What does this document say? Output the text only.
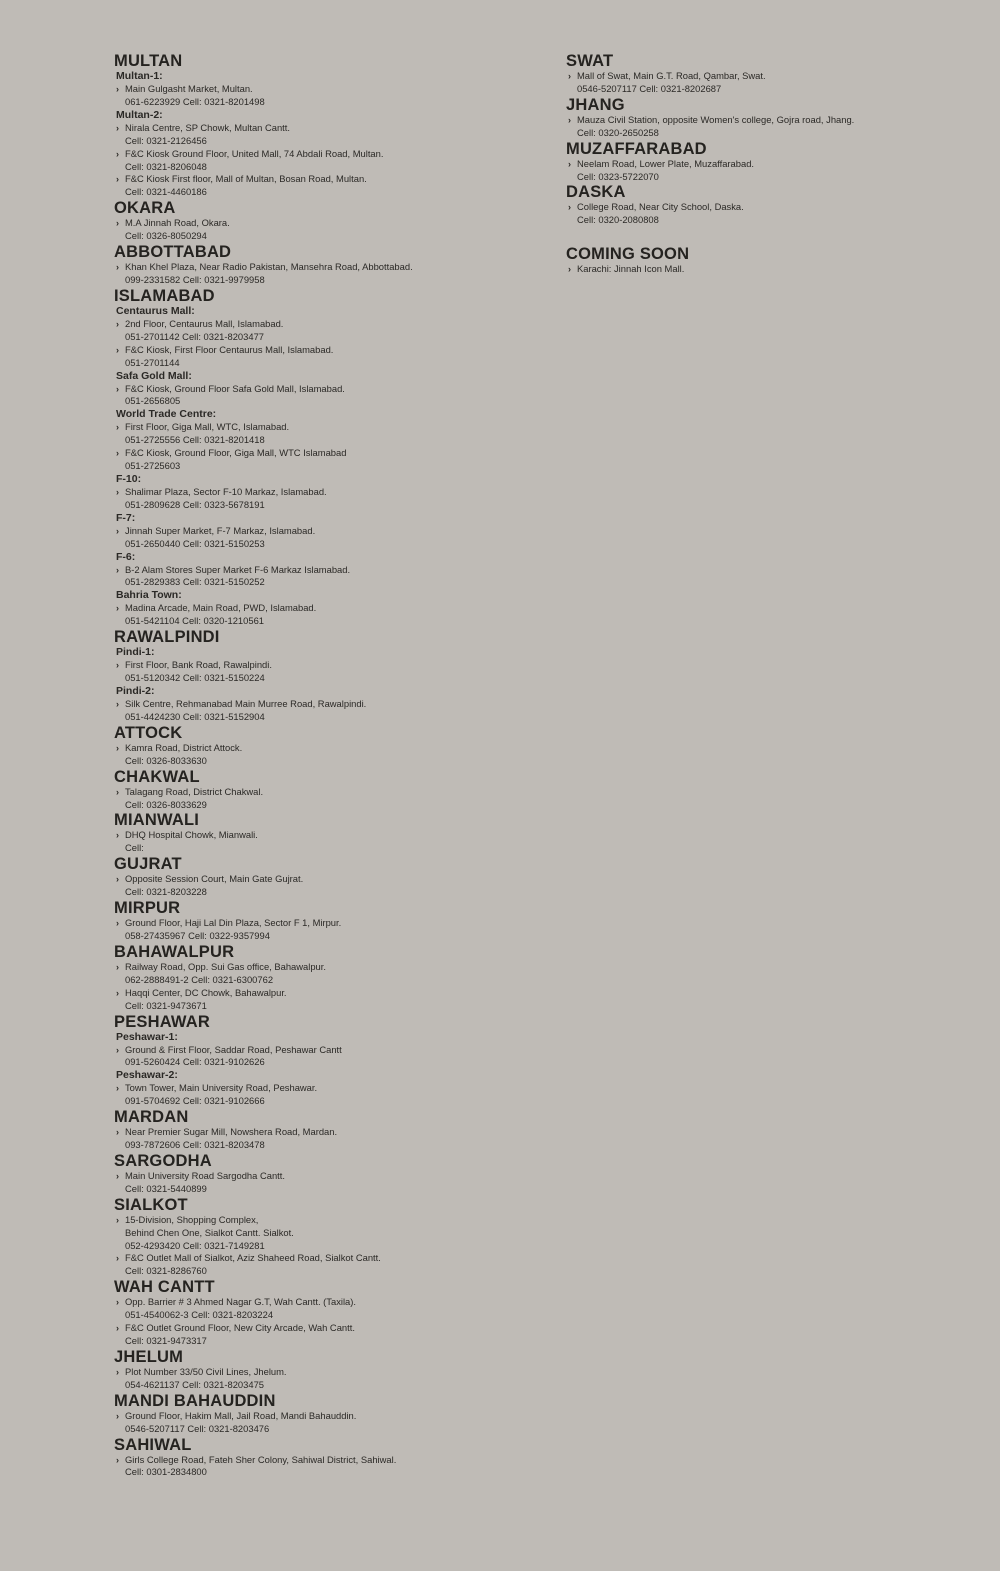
MULTAN
Multan-1:
› Main Gulgasht Market, Multan.
061-6223929 Cell: 0321-8201498
Multan-2:
› Nirala Centre, SP Chowk, Multan Cantt.
Cell: 0321-2126456
› F&C Kiosk Ground Floor, United Mall, 74 Abdali Road, Multan.
Cell: 0321-8206048
› F&C Kiosk First floor, Mall of Multan, Bosan Road, Multan.
Cell: 0321-4460186
OKARA
› M.A Jinnah Road, Okara.
Cell: 0326-8050294
ABBOTTABAD
› Khan Khel Plaza, Near Radio Pakistan, Mansehra Road, Abbottabad.
099-2331582 Cell: 0321-9979958
ISLAMABAD
Centaurus Mall:
› 2nd Floor, Centaurus Mall, Islamabad.
051-2701142 Cell: 0321-8203477
› F&C Kiosk, First Floor Centaurus Mall, Islamabad.
051-2701144
Safa Gold Mall:
› F&C Kiosk, Ground Floor Safa Gold Mall, Islamabad.
051-2656805
World Trade Centre:
› First Floor, Giga Mall, WTC, Islamabad.
051-2725556 Cell: 0321-8201418
› F&C Kiosk, Ground Floor, Giga Mall, WTC Islamabad
051-2725603
F-10:
› Shalimar Plaza, Sector F-10 Markaz, Islamabad.
051-2809628 Cell: 0323-5678191
F-7:
› Jinnah Super Market, F-7 Markaz, Islamabad.
051-2650440 Cell: 0321-5150253
F-6:
› B-2 Alam Stores Super Market F-6 Markaz Islamabad.
051-2829383 Cell: 0321-5150252
Bahria Town:
› Madina Arcade, Main Road, PWD, Islamabad.
051-5421104 Cell: 0320-1210561
RAWALPINDI
Pindi-1:
› First Floor, Bank Road, Rawalpindi.
051-5120342 Cell: 0321-5150224
Pindi-2:
› Silk Centre, Rehmanabad Main Murree Road, Rawalpindi.
051-4424230 Cell: 0321-5152904
ATTOCK
› Kamra Road, District Attock.
Cell: 0326-8033630
CHAKWAL
› Talagang Road, District Chakwal.
Cell: 0326-8033629
MIANWALI
› DHQ Hospital Chowk, Mianwali.
Cell:
GUJRAT
› Opposite Session Court, Main Gate Gujrat.
Cell: 0321-8203228
MIRPUR
› Ground Floor, Haji Lal Din Plaza, Sector F 1, Mirpur.
058-27435967 Cell: 0322-9357994
BAHAWALPUR
› Railway Road, Opp. Sui Gas office, Bahawalpur.
062-2888491-2 Cell: 0321-6300762
› Haqqi Center, DC Chowk, Bahawalpur.
Cell: 0321-9473671
PESHAWAR
Peshawar-1:
› Ground & First Floor, Saddar Road, Peshawar Cantt
091-5260424 Cell: 0321-9102626
Peshawar-2:
› Town Tower, Main University Road, Peshawar.
091-5704692 Cell: 0321-9102666
MARDAN
› Near Premier Sugar Mill, Nowshera Road, Mardan.
093-7872606 Cell: 0321-8203478
SARGODHA
› Main University Road Sargodha Cantt.
Cell: 0321-5440899
SIALKOT
› 15-Division, Shopping Complex,
Behind Chen One, Sialkot Cantt. Sialkot.
052-4293420 Cell: 0321-7149281
› F&C Outlet Mall of Sialkot, Aziz Shaheed Road, Sialkot Cantt.
Cell: 0321-8286760
WAH CANTT
› Opp. Barrier # 3 Ahmed Nagar G.T, Wah Cantt. (Taxila).
051-4540062-3 Cell: 0321-8203224
› F&C Outlet Ground Floor, New City Arcade, Wah Cantt.
Cell: 0321-9473317
JHELUM
› Plot Number 33/50 Civil Lines, Jhelum.
054-4621137 Cell: 0321-8203475
MANDI BAHAUDDIN
› Ground Floor, Hakim Mall, Jail Road, Mandi Bahauddin.
0546-5207117 Cell: 0321-8203476
SAHIWAL
› Girls College Road, Fateh Sher Colony, Sahiwal District, Sahiwal.
Cell: 0301-2834800
SWAT
› Mall of Swat, Main G.T. Road, Qambar, Swat.
0546-5207117 Cell: 0321-8202687
JHANG
› Mauza Civil Station, opposite Women's college, Gojra road, Jhang.
Cell: 0320-2650258
MUZAFFARABAD
› Neelam Road, Lower Plate, Muzaffarabad.
Cell: 0323-5722070
DASKA
› College Road, Near City School, Daska.
Cell: 0320-2080808
COMING SOON
› Karachi: Jinnah Icon Mall.
